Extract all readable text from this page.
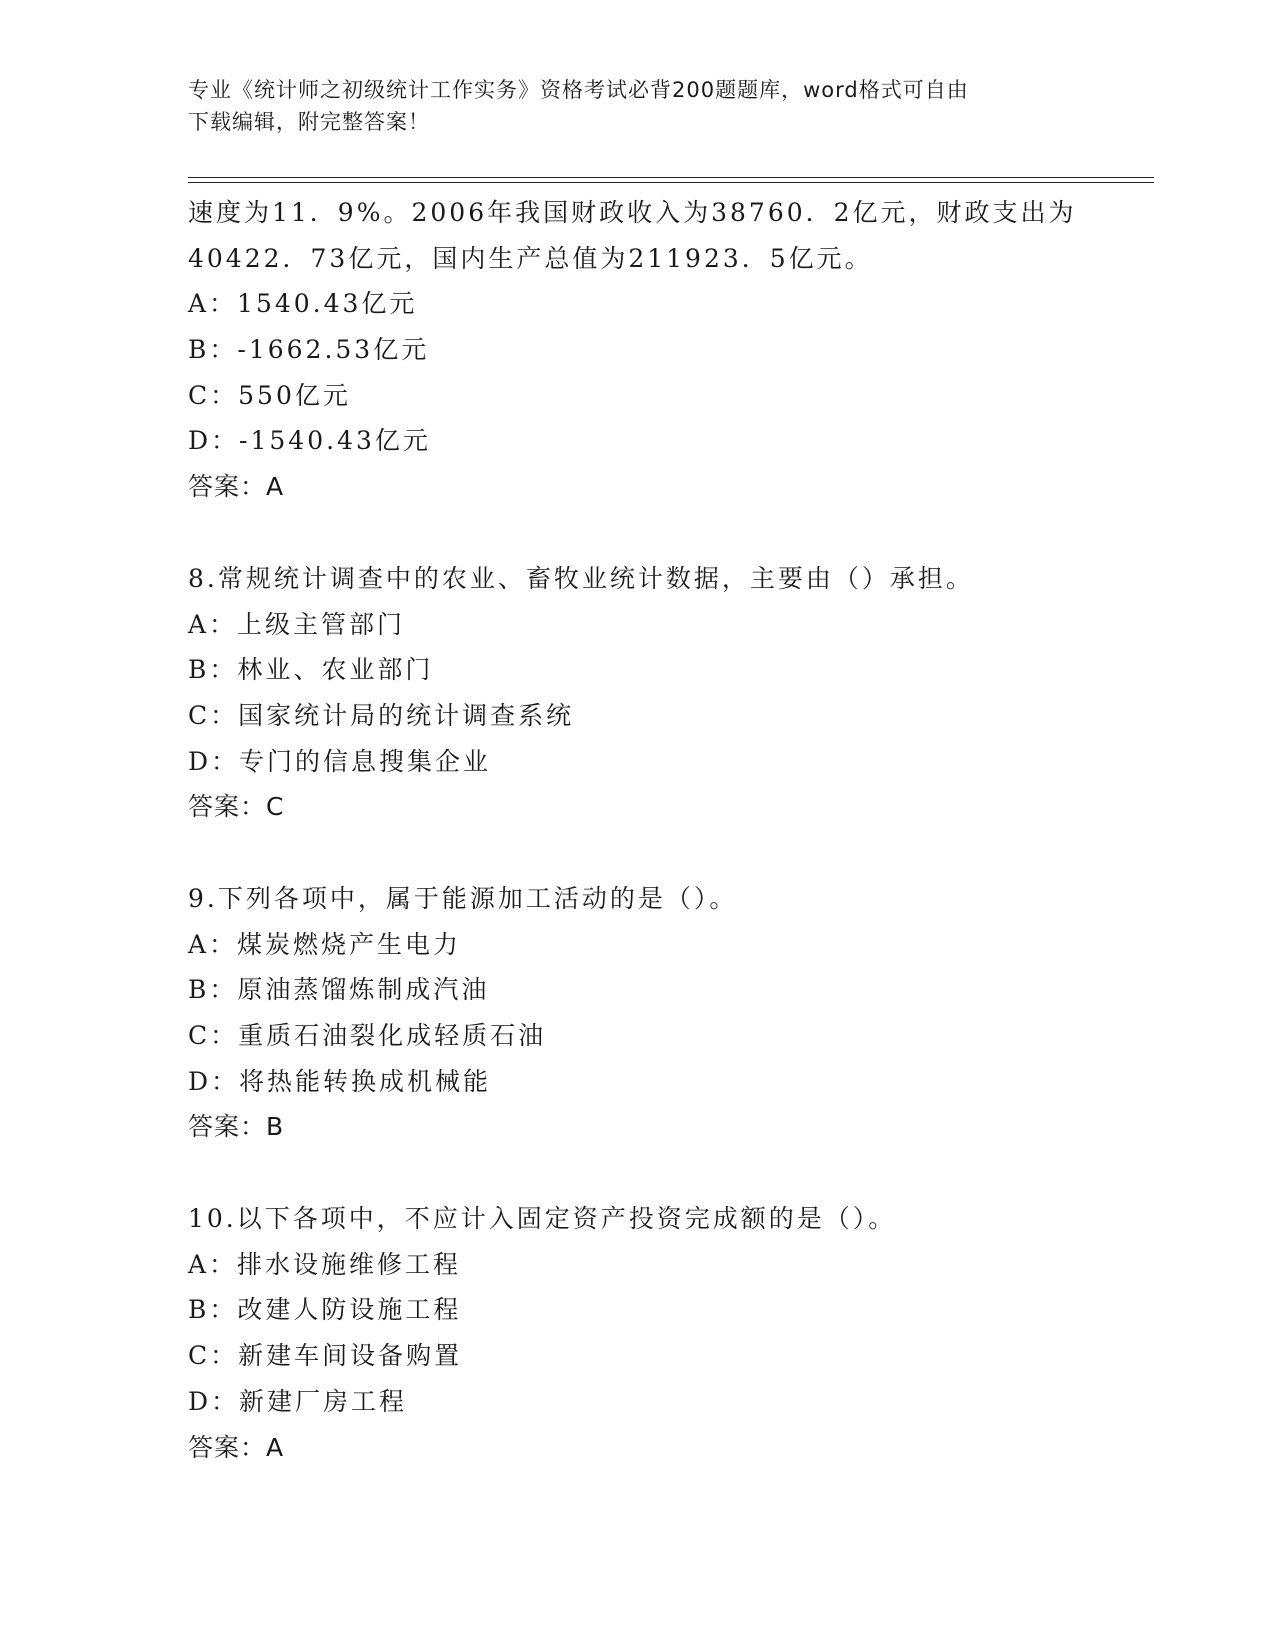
专业《统计师之初级统计工作实务》资格考试必背200题题库，word格式可自由
下载编辑，附完整答案！
速度为11．9%。2006年我国财政收入为38760．2亿元，财政支出为
40422．73亿元，国内生产总值为211923．5亿元。
A：1540.43亿元
B：-1662.53亿元
C：550亿元
D：-1540.43亿元
答案：A
8.常规统计调查中的农业、畜牧业统计数据，主要由（）承担。
A：上级主管部门
B：林业、农业部门
C：国家统计局的统计调查系统
D：专门的信息搜集企业
答案：C
9.下列各项中，属于能源加工活动的是（）。
A：煤炭燃烧产生电力
B：原油蒸馏炼制成汽油
C：重质石油裂化成轻质石油
D：将热能转换成机械能
答案：B
10.以下各项中，不应计入固定资产投资完成额的是（）。
A：排水设施维修工程
B：改建人防设施工程
C：新建车间设备购置
D：新建厂房工程
答案：A
